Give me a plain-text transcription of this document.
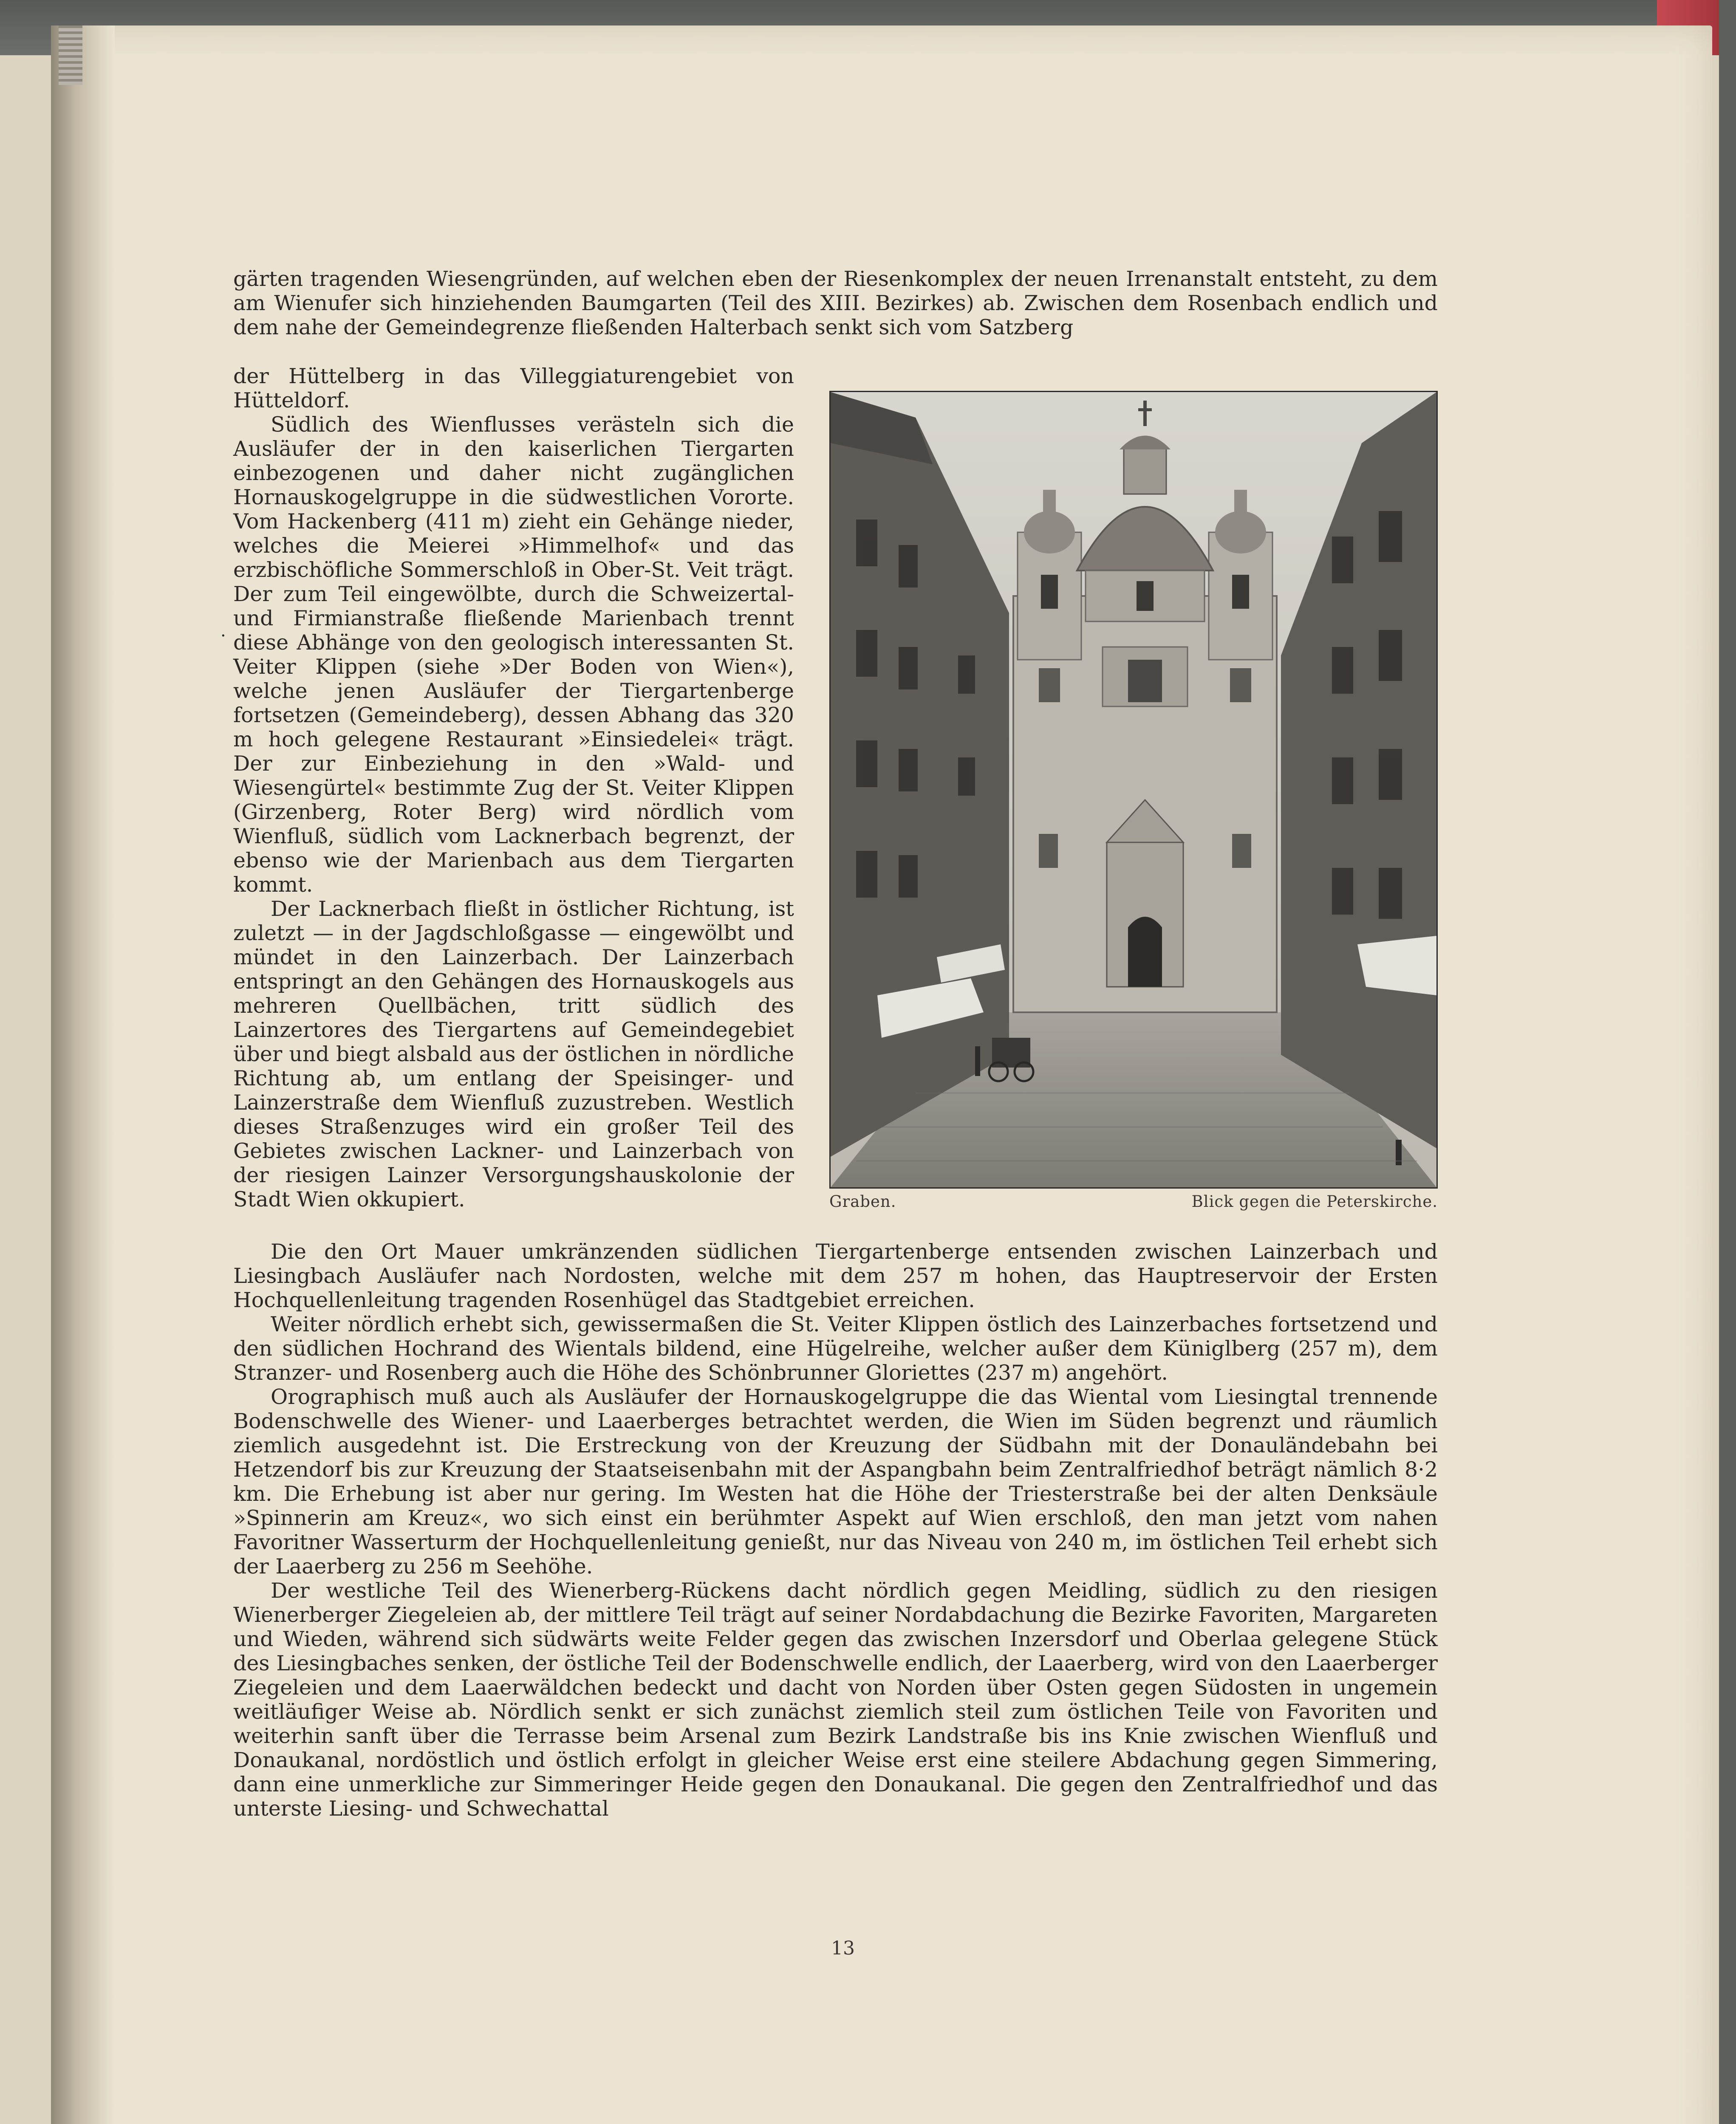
gärten tragenden Wiesengründen, auf welchen eben der Riesenkomplex der neuen Irrenanstalt entsteht, zu dem am Wienufer sich hinziehenden Baumgarten (Teil des XIII. Bezirkes) ab. Zwischen dem Rosenbach endlich und dem nahe der Gemeindegrenze fließenden Halterbach senkt sich vom Satzberg

der Hüttelberg in das Villeggiaturengebiet von Hütteldorf.

Südlich des Wienflusses verästeln sich die Ausläufer der in den kaiserlichen Tiergarten einbezogenen und daher nicht zugänglichen Hornauskogelgruppe in die südwestlichen Vororte. Vom Hackenberg (411 m) zieht ein Gehänge nieder, welches die Meierei »Himmelhof« und das erzbischöfliche Sommerschloß in Ober-St. Veit trägt. Der zum Teil eingewölbte, durch die Schweizertal- und Firmianstraße fließende Marienbach trennt diese Abhänge von den geologisch interessanten St. Veiter Klippen (siehe »Der Boden von Wien«), welche jenen Ausläufer der Tiergartenberge fortsetzen (Gemeindeberg), dessen Abhang das 320 m hoch gelegene Restaurant »Einsiedelei« trägt. Der zur Einbeziehung in den »Wald- und Wiesengürtel« bestimmte Zug der St. Veiter Klippen (Girzenberg, Roter Berg) wird nördlich vom Wienfluß, südlich vom Lacknerbach begrenzt, der ebenso wie der Marienbach aus dem Tiergarten kommt.

Der Lacknerbach fließt in östlicher Richtung, ist zuletzt — in der Jagdschloßgasse — eingewölbt und mündet in den Lainzerbach. Der Lainzerbach entspringt an den Gehängen des Hornauskogels aus mehreren Quellbächen, tritt südlich des Lainzertores des Tiergartens auf Gemeindegebiet über und biegt alsbald aus der östlichen in nördliche Richtung ab, um entlang der Speisinger- und Lainzerstraße dem Wienfluß zuzustreben. Westlich dieses Straßenzuges wird ein großer Teil des Gebietes zwischen Lackner- und Lainzerbach von der riesigen Lainzer Versorgungshauskolonie der Stadt Wien okkupiert.

.
Graben.	Blick gegen die Peterskirche.

Die den Ort Mauer umkränzenden südlichen Tiergartenberge entsenden zwischen Lainzerbach und Liesingbach Ausläufer nach Nordosten, welche mit dem 257 m hohen, das Hauptreservoir der Ersten Hochquellenleitung tragenden Rosenhügel das Stadtgebiet erreichen.

Weiter nördlich erhebt sich, gewissermaßen die St. Veiter Klippen östlich des Lainzerbaches fortsetzend und den südlichen Hochrand des Wientals bildend, eine Hügelreihe, welcher außer dem Küniglberg (257 m), dem Stranzer- und Rosenberg auch die Höhe des Schönbrunner Gloriettes (237 m) angehört.

Orographisch muß auch als Ausläufer der Hornauskogelgruppe die das Wiental vom Liesingtal trennende Bodenschwelle des Wiener- und Laaerberges betrachtet werden, die Wien im Süden begrenzt und räumlich ziemlich ausgedehnt ist. Die Erstreckung von der Kreuzung der Südbahn mit der Donauländebahn bei Hetzendorf bis zur Kreuzung der Staatseisenbahn mit der Aspangbahn beim Zentralfriedhof beträgt nämlich 8·2 km. Die Erhebung ist aber nur gering. Im Westen hat die Höhe der Triesterstraße bei der alten Denksäule »Spinnerin am Kreuz«, wo sich einst ein berühmter Aspekt auf Wien erschloß, den man jetzt vom nahen Favoritner Wasserturm der Hochquellenleitung genießt, nur das Niveau von 240 m, im östlichen Teil erhebt sich der Laaerberg zu 256 m Seehöhe.

Der westliche Teil des Wienerberg-Rückens dacht nördlich gegen Meidling, südlich zu den riesigen Wienerberger Ziegeleien ab, der mittlere Teil trägt auf seiner Nordabdachung die Bezirke Favoriten, Margareten und Wieden, während sich südwärts weite Felder gegen das zwischen Inzersdorf und Oberlaa gelegene Stück des Liesingbaches senken, der östliche Teil der Bodenschwelle endlich, der Laaerberg, wird von den Laaerberger Ziegeleien und dem Laaerwäldchen bedeckt und dacht von Norden über Osten gegen Südosten in ungemein weitläufiger Weise ab. Nördlich senkt er sich zunächst ziemlich steil zum östlichen Teile von Favoriten und weiterhin sanft über die Terrasse beim Arsenal zum Bezirk Landstraße bis ins Knie zwischen Wienfluß und Donaukanal, nordöstlich und östlich erfolgt in gleicher Weise erst eine steilere Abdachung gegen Simmering, dann eine unmerkliche zur Simmeringer Heide gegen den Donaukanal. Die gegen den Zentralfriedhof und das unterste Liesing- und Schwechattal

13
